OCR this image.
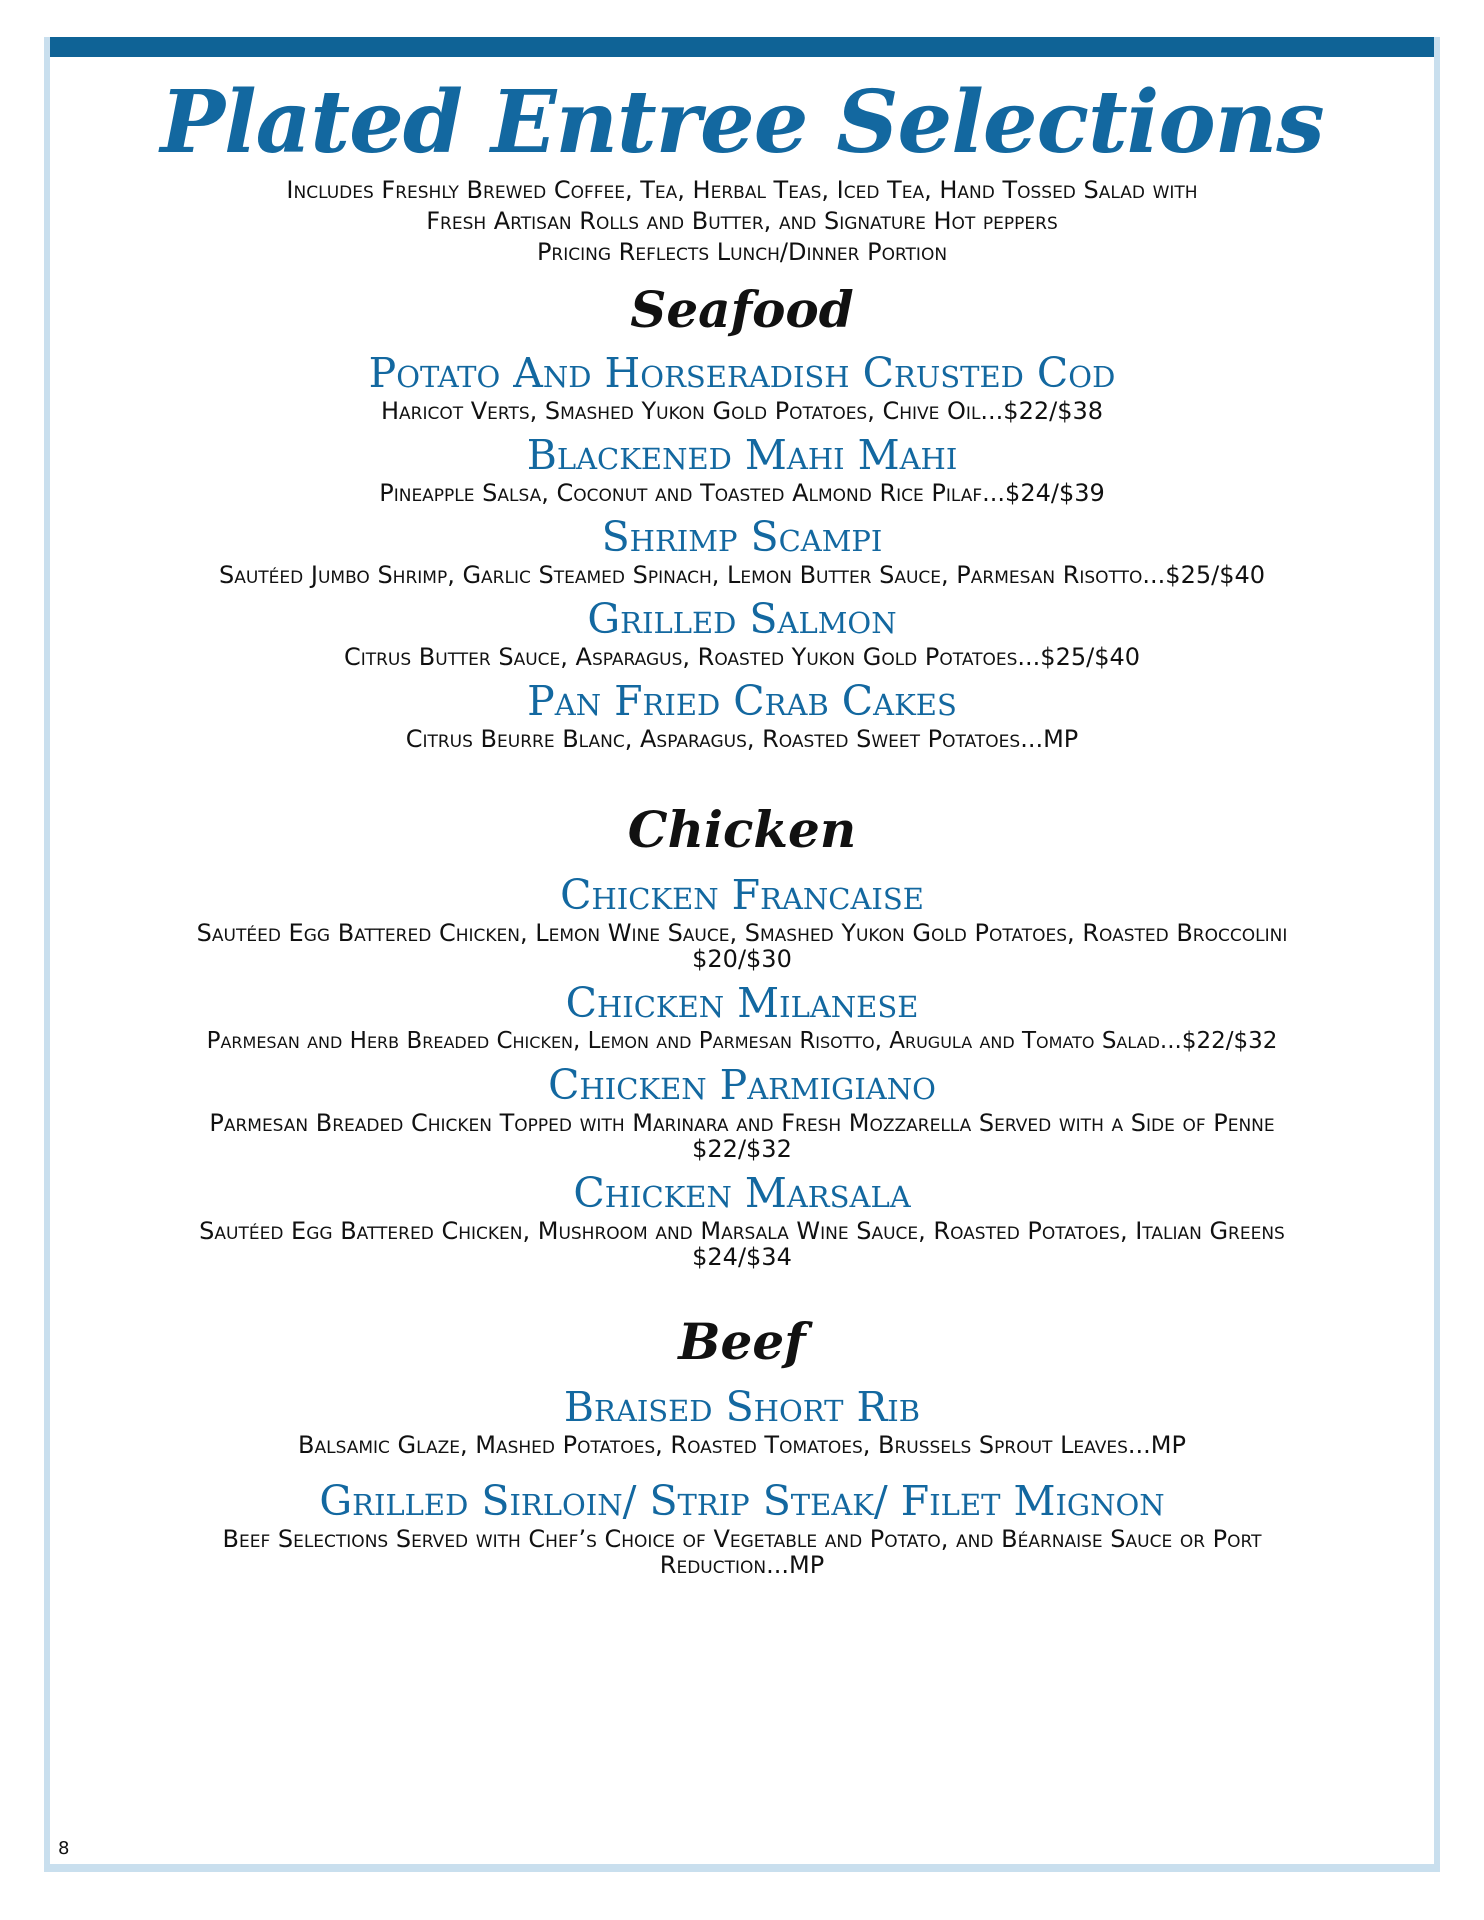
Plated Entree Selections
Includes Freshly Brewed Coffee, Tea, Herbal Teas, Iced Tea, Hand Tossed Salad with
Fresh Artisan Rolls and Butter, and Signature Hot peppers
Pricing Reflects Lunch/Dinner Portion
Seafood
Potato And Horseradish Crusted Cod
Haricot Verts, Smashed Yukon Gold Potatoes, Chive Oil...$22/$38
Blackened Mahi Mahi
Pineapple Salsa, Coconut and Toasted Almond Rice Pilaf...$24/$39
Shrimp Scampi
Sautéed Jumbo Shrimp, Garlic Steamed Spinach, Lemon Butter Sauce, Parmesan Risotto...$25/$40
Grilled Salmon
Citrus Butter Sauce, Asparagus, Roasted Yukon Gold Potatoes...$25/$40
Pan Fried Crab Cakes
Citrus Beurre Blanc, Asparagus, Roasted Sweet Potatoes...MP
Chicken
Chicken Francaise
Sautéed Egg Battered Chicken, Lemon Wine Sauce, Smashed Yukon Gold Potatoes, Roasted Broccolini
$20/$30
Chicken Milanese
Parmesan and Herb Breaded Chicken, Lemon and Parmesan Risotto, Arugula and Tomato Salad...$22/$32
Chicken Parmigiano
Parmesan Breaded Chicken Topped with Marinara and Fresh Mozzarella Served with a Side of Penne
$22/$32
Chicken Marsala
Sautéed Egg Battered Chicken, Mushroom and Marsala Wine Sauce, Roasted Potatoes, Italian Greens
$24/$34
Beef
Braised Short Rib
Balsamic Glaze, Mashed Potatoes, Roasted Tomatoes, Brussels Sprout Leaves...MP
Grilled Sirloin/ Strip Steak/ Filet Mignon
Beef Selections Served with Chef’s Choice of Vegetable and Potato, and Béarnaise Sauce or Port
Reduction...MP
8
